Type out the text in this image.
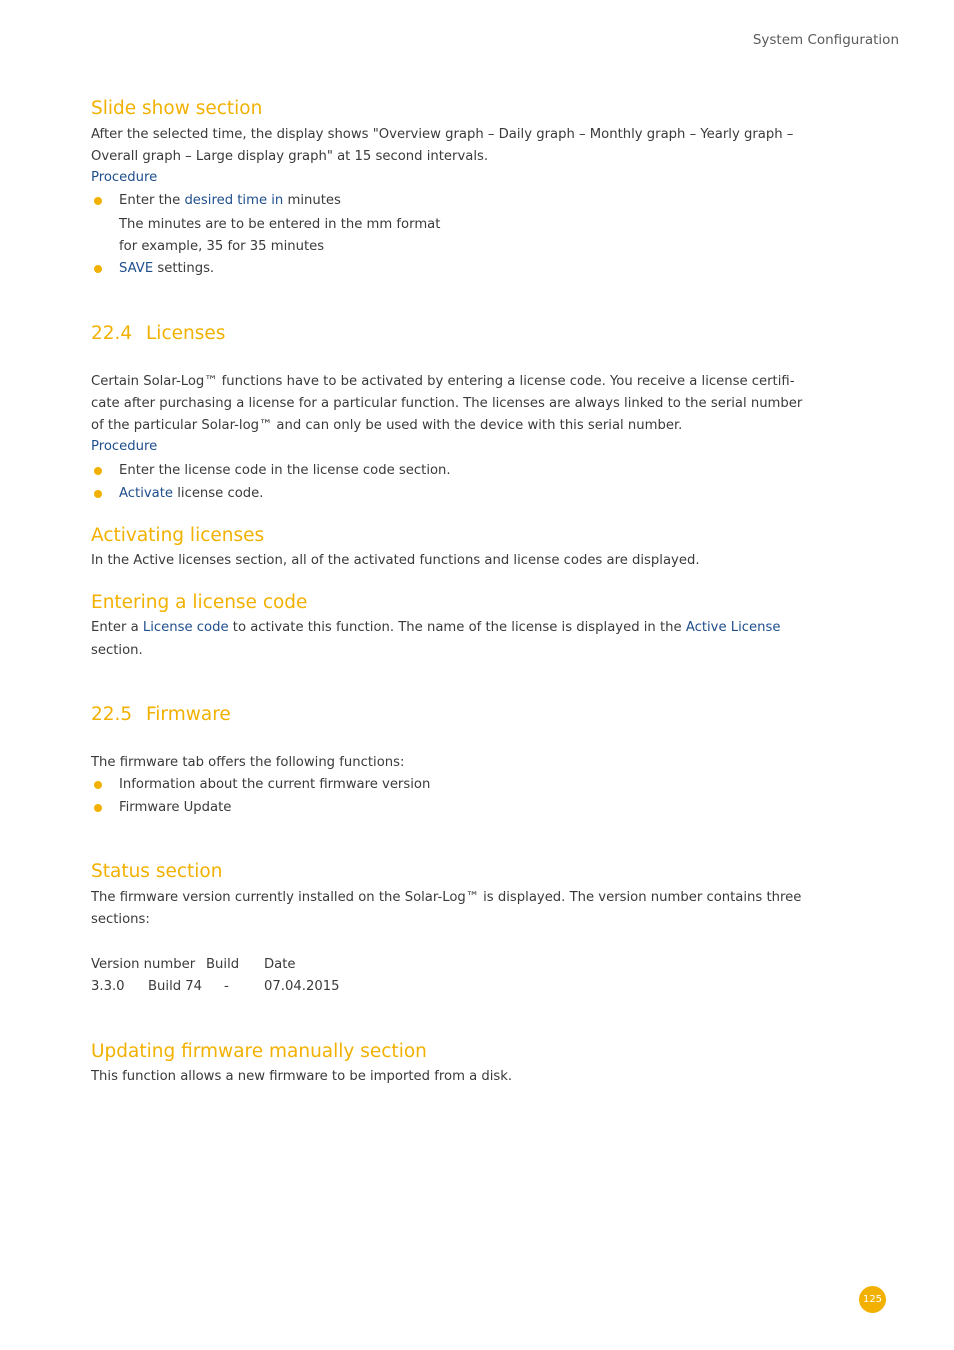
System Configuration
Slide show section
After the selected time, the display shows "Overview graph – Daily graph – Monthly graph – Yearly graph –
Overall graph – Large display graph" at 15 second intervals.
Procedure
Enter the desired time in minutes
The minutes are to be entered in the mm format
for example, 35 for 35 minutes
SAVE settings.
22.4 Licenses
Certain Solar-Log™ functions have to be activated by entering a license code. You receive a license certifi-
cate after purchasing a license for a particular function. The licenses are always linked to the serial number
of the particular Solar-log™ and can only be used with the device with this serial number.
Procedure
Enter the license code in the license code section.
Activate license code.
Activating licenses
In the Active licenses section, all of the activated functions and license codes are displayed.
Entering a license code
Enter a License code to activate this function. The name of the license is displayed in the Active License
section.
22.5 Firmware
The firmware tab offers the following functions:
Information about the current firmware version
Firmware Update
Status section
The firmware version currently installed on the Solar-Log™ is displayed. The version number contains three
sections:
Version number Build Date
3.3.0 Build 74 -	07.04.2015
Updating firmware manually section
This function allows a new firmware to be imported from a disk.
125
